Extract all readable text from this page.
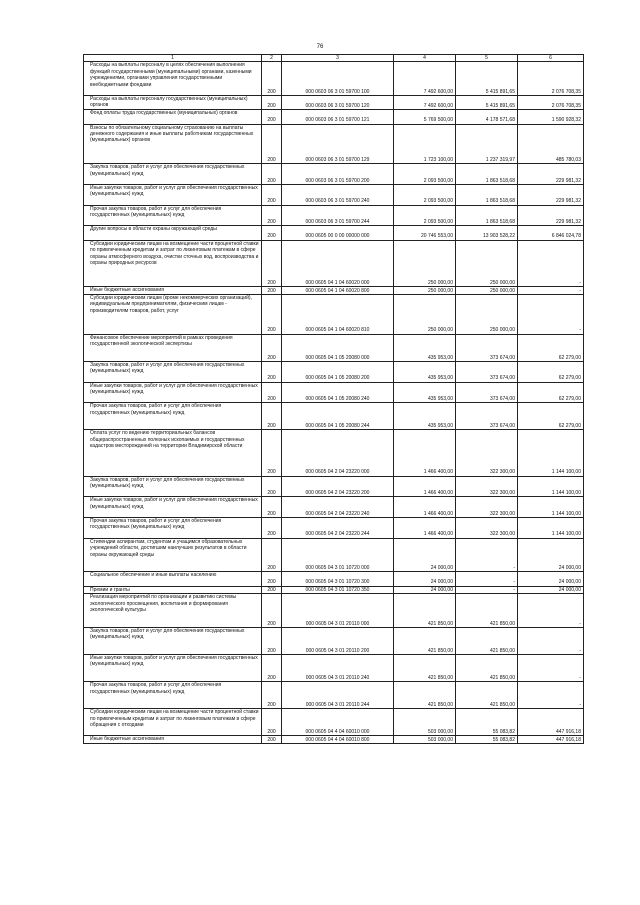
76
1	2	3	4	5	6
Расходы на выплаты персоналу в целях обеспечения выполнения функций государственными (муниципальными) органами, казенными учреждениями, органами управления государственными внебюджетными фондами	200	000 0603 06 3 01 59700 100	7 492 600,00	5 415 891,65	2 076 708,35
Расходы на выплаты персоналу государственных (муниципальных) органов	200	000 0603 06 3 01 59700 120	7 492 600,00	5 415 891,65	2 076 708,35
Фонд оплаты труда государственных (муниципальных) органов	200	000 0603 06 3 01 59700 121	5 769 500,00	4 178 571,68	1 590 928,32
Взносы по обязательному социальному страхованию на выплаты денежного содержания и иные выплаты работникам государственных (муниципальных) органов	200	000 0603 06 3 01 59700 129	1 723 100,00	1 237 319,97	485 780,03
Закупка товаров, работ и услуг для обеспечения государственных (муниципальных) нужд	200	000 0603 06 3 01 59700 200	2 093 500,00	1 863 518,68	229 981,32
Иные закупки товаров, работ и услуг для обеспечения государственных (муниципальных) нужд	200	000 0603 06 3 01 59700 240	2 093 500,00	1 863 518,68	229 981,32
Прочая закупка товаров, работ и услуг для обеспечения государственных (муниципальных) нужд	200	000 0603 06 3 01 59700 244	2 093 500,00	1 863 518,68	229 981,32
Другие вопросы в области охраны окружающей среды	200	000 0605 00 0 00 00000 000	20 746 553,00	13 903 528,22	6 846 024,78
Субсидии юридическим лицам на возмещение части процентной ставки по привлеченным кредитам и затрат по лизинговым платежам в сфере охраны атмосферного воздуха, очистки сточных вод, воспроизводства и охраны природных ресурсов	200	000 0605 04 1 04 60020 000	250 000,00	250 000,00	-
Иные бюджетные ассигнования	200	000 0605 04 1 04 60020 800	250 000,00	250 000,00	-
Субсидии юридическим лицам (кроме некоммерческих организаций), индивидуальным предпринимателям, физическим лицам - производителям товаров, работ, услуг	200	000 0605 04 1 04 60020 810	250 000,00	250 000,00	-
Финансовое обеспечение мероприятий в рамках проведения государственной экологической экспертизы	200	000 0605 04 1 05 20080 000	435 953,00	373 674,00	62 279,00
Закупка товаров, работ и услуг для обеспечения государственных (муниципальных) нужд	200	000 0605 04 1 05 20080 200	435 953,00	373 674,00	62 279,00
Иные закупки товаров, работ и услуг для обеспечения государственных (муниципальных) нужд	200	000 0605 04 1 05 20080 240	435 953,00	373 674,00	62 279,00
Прочая закупка товаров, работ и услуг для обеспечения государственных (муниципальных) нужд	200	000 0605 04 1 05 20080 244	435 953,00	373 674,00	62 279,00
Оплата услуг по ведению территориальных балансов общераспространенных полезных ископаемых и государственных кадастров месторождений на территории Владимирской области	200	000 0605 04 2 04 23220 000	1 466 400,00	322 300,00	1 144 100,00
Закупка товаров, работ и услуг для обеспечения государственных (муниципальных) нужд	200	000 0605 04 2 04 23220 200	1 466 400,00	322 300,00	1 144 100,00
Иные закупки товаров, работ и услуг для обеспечения государственных (муниципальных) нужд	200	000 0605 04 2 04 23220 240	1 466 400,00	322 300,00	1 144 100,00
Прочая закупка товаров, работ и услуг для обеспечения государственных (муниципальных) нужд	200	000 0605 04 2 04 23220 244	1 466 400,00	322 300,00	1 144 100,00
Стипендии аспирантам, студентам и учащимся образовательных учреждений области, достигшим наилучших результатов в области охраны окружающей среды	200	000 0605 04 3 01 10720 000	24 000,00	-	24 000,00
Социальное обеспечение и иные выплаты населению	200	000 0605 04 3 01 10720 300	24 000,00	-	24 000,00
Премии и гранты	200	000 0605 04 3 01 10720 350	24 000,00	-	24 000,00
Реализация мероприятий по организации и развитию системы экологического просвещения, воспитания и формирования экологической культуры	200	000 0605 04 3 01 20110 000	421 850,00	421 850,00	-
Закупка товаров, работ и услуг для обеспечения государственных (муниципальных) нужд	200	000 0605 04 3 01 20110 200	421 850,00	421 850,00	-
Иные закупки товаров, работ и услуг для обеспечения государственных (муниципальных) нужд	200	000 0605 04 3 01 20110 240	421 850,00	421 850,00	-
Прочая закупка товаров, работ и услуг для обеспечения государственных (муниципальных) нужд	200	000 0605 04 3 01 20110 244	421 850,00	421 850,00	-
Субсидии юридическим лицам на возмещение части процентной ставки по привлеченным кредитам и затрат по лизинговым платежам в сфере обращения с отходами	200	000 0605 04 4 04 60010 000	503 000,00	55 083,82	447 916,18
Иные бюджетные ассигнования	200	000 0605 04 4 04 60010 800	503 000,00	55 083,82	447 916,18
